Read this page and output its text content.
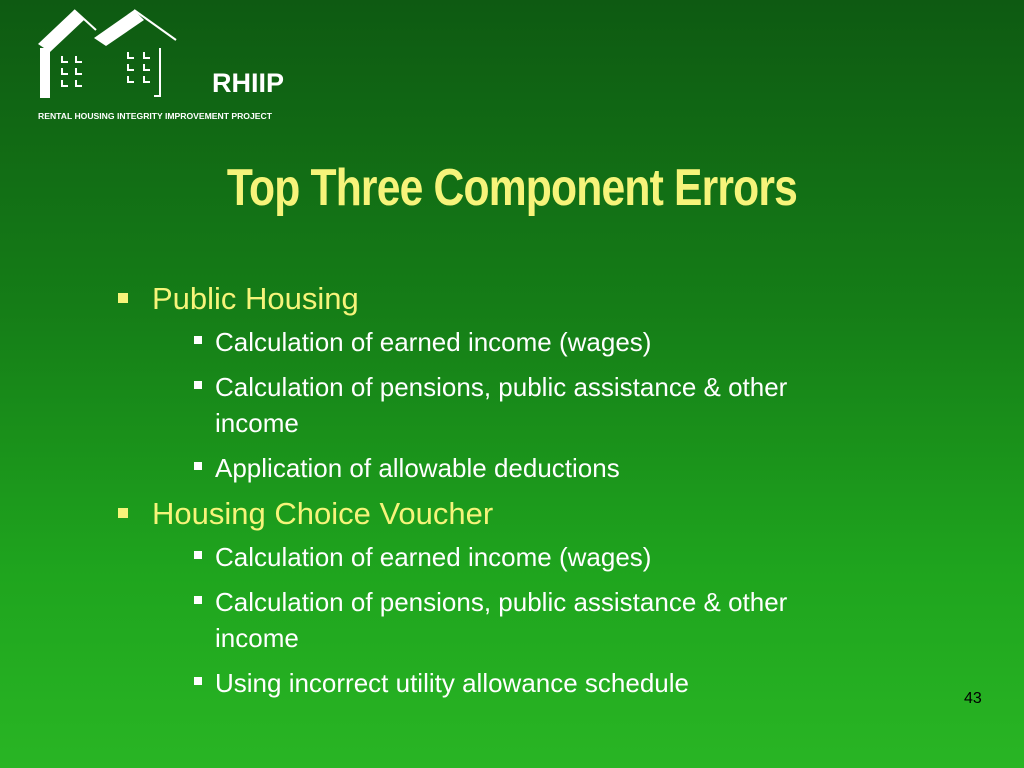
RHIIP
RENTAL HOUSING INTEGRITY IMPROVEMENT PROJECT
Top Three Component Errors
Public Housing
Calculation of earned income (wages)
Calculation of pensions, public assistance & other income
Application of allowable deductions
Housing Choice Voucher
Calculation of earned income (wages)
Calculation of pensions, public assistance & other income
Using incorrect utility allowance schedule
43
